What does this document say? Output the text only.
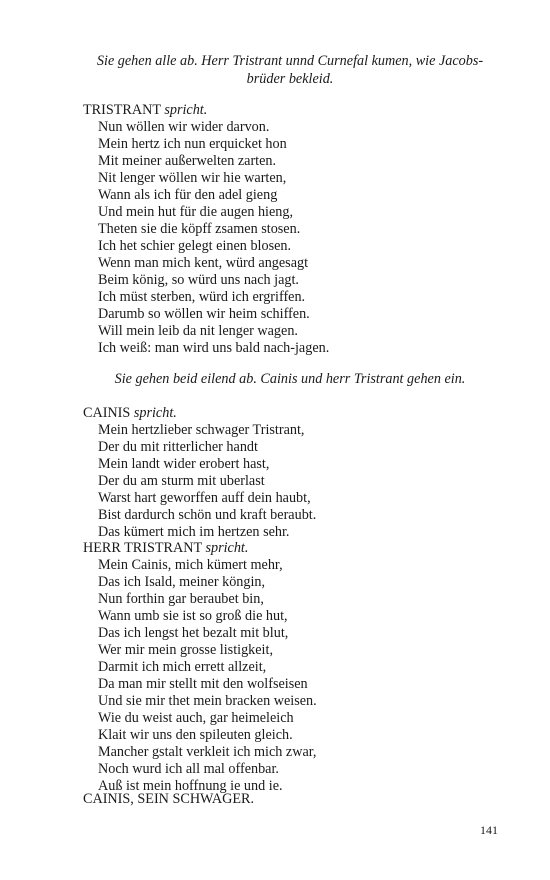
Sie gehen alle ab. Herr Tristrant unnd Curnefal kumen, wie Jacobs-
brüder bekleid.
TRISTRANT spricht.
Nun wöllen wir wider darvon.
Mein hertz ich nun erquicket hon
Mit meiner außerwelten zarten.
Nit lenger wöllen wir hie warten,
Wann als ich für den adel gieng
Und mein hut für die augen hieng,
Theten sie die köpff zsamen stosen.
Ich het schier gelegt einen blosen.
Wenn man mich kent, würd angesagt
Beim könig, so würd uns nach jagt.
Ich müst sterben, würd ich ergriffen.
Darumb so wöllen wir heim schiffen.
Will mein leib da nit lenger wagen.
Ich weiß: man wird uns bald nach-jagen.
Sie gehen beid eilend ab. Cainis und herr Tristrant gehen ein.
CAINIS spricht.
Mein hertzlieber schwager Tristrant,
Der du mit ritterlicher handt
Mein landt wider erobert hast,
Der du am sturm mit uberlast
Warst hart geworffen auff dein haubt,
Bist dardurch schön und kraft beraubt.
Das kümert mich im hertzen sehr.
HERR TRISTRANT spricht.
Mein Cainis, mich kümert mehr,
Das ich Isald, meiner köngin,
Nun forthin gar beraubet bin,
Wann umb sie ist so groß die hut,
Das ich lengst het bezalt mit blut,
Wer mir mein grosse listigkeit,
Darmit ich mich errett allzeit,
Da man mir stellt mit den wolfseisen
Und sie mir thet mein bracken weisen.
Wie du weist auch, gar heimeleich
Klait wir uns den spileuten gleich.
Mancher gstalt verkleit ich mich zwar,
Noch wurd ich all mal offenbar.
Auß ist mein hoffnung ie und ie.
CAINIS, SEIN SCHWAGER.
141
